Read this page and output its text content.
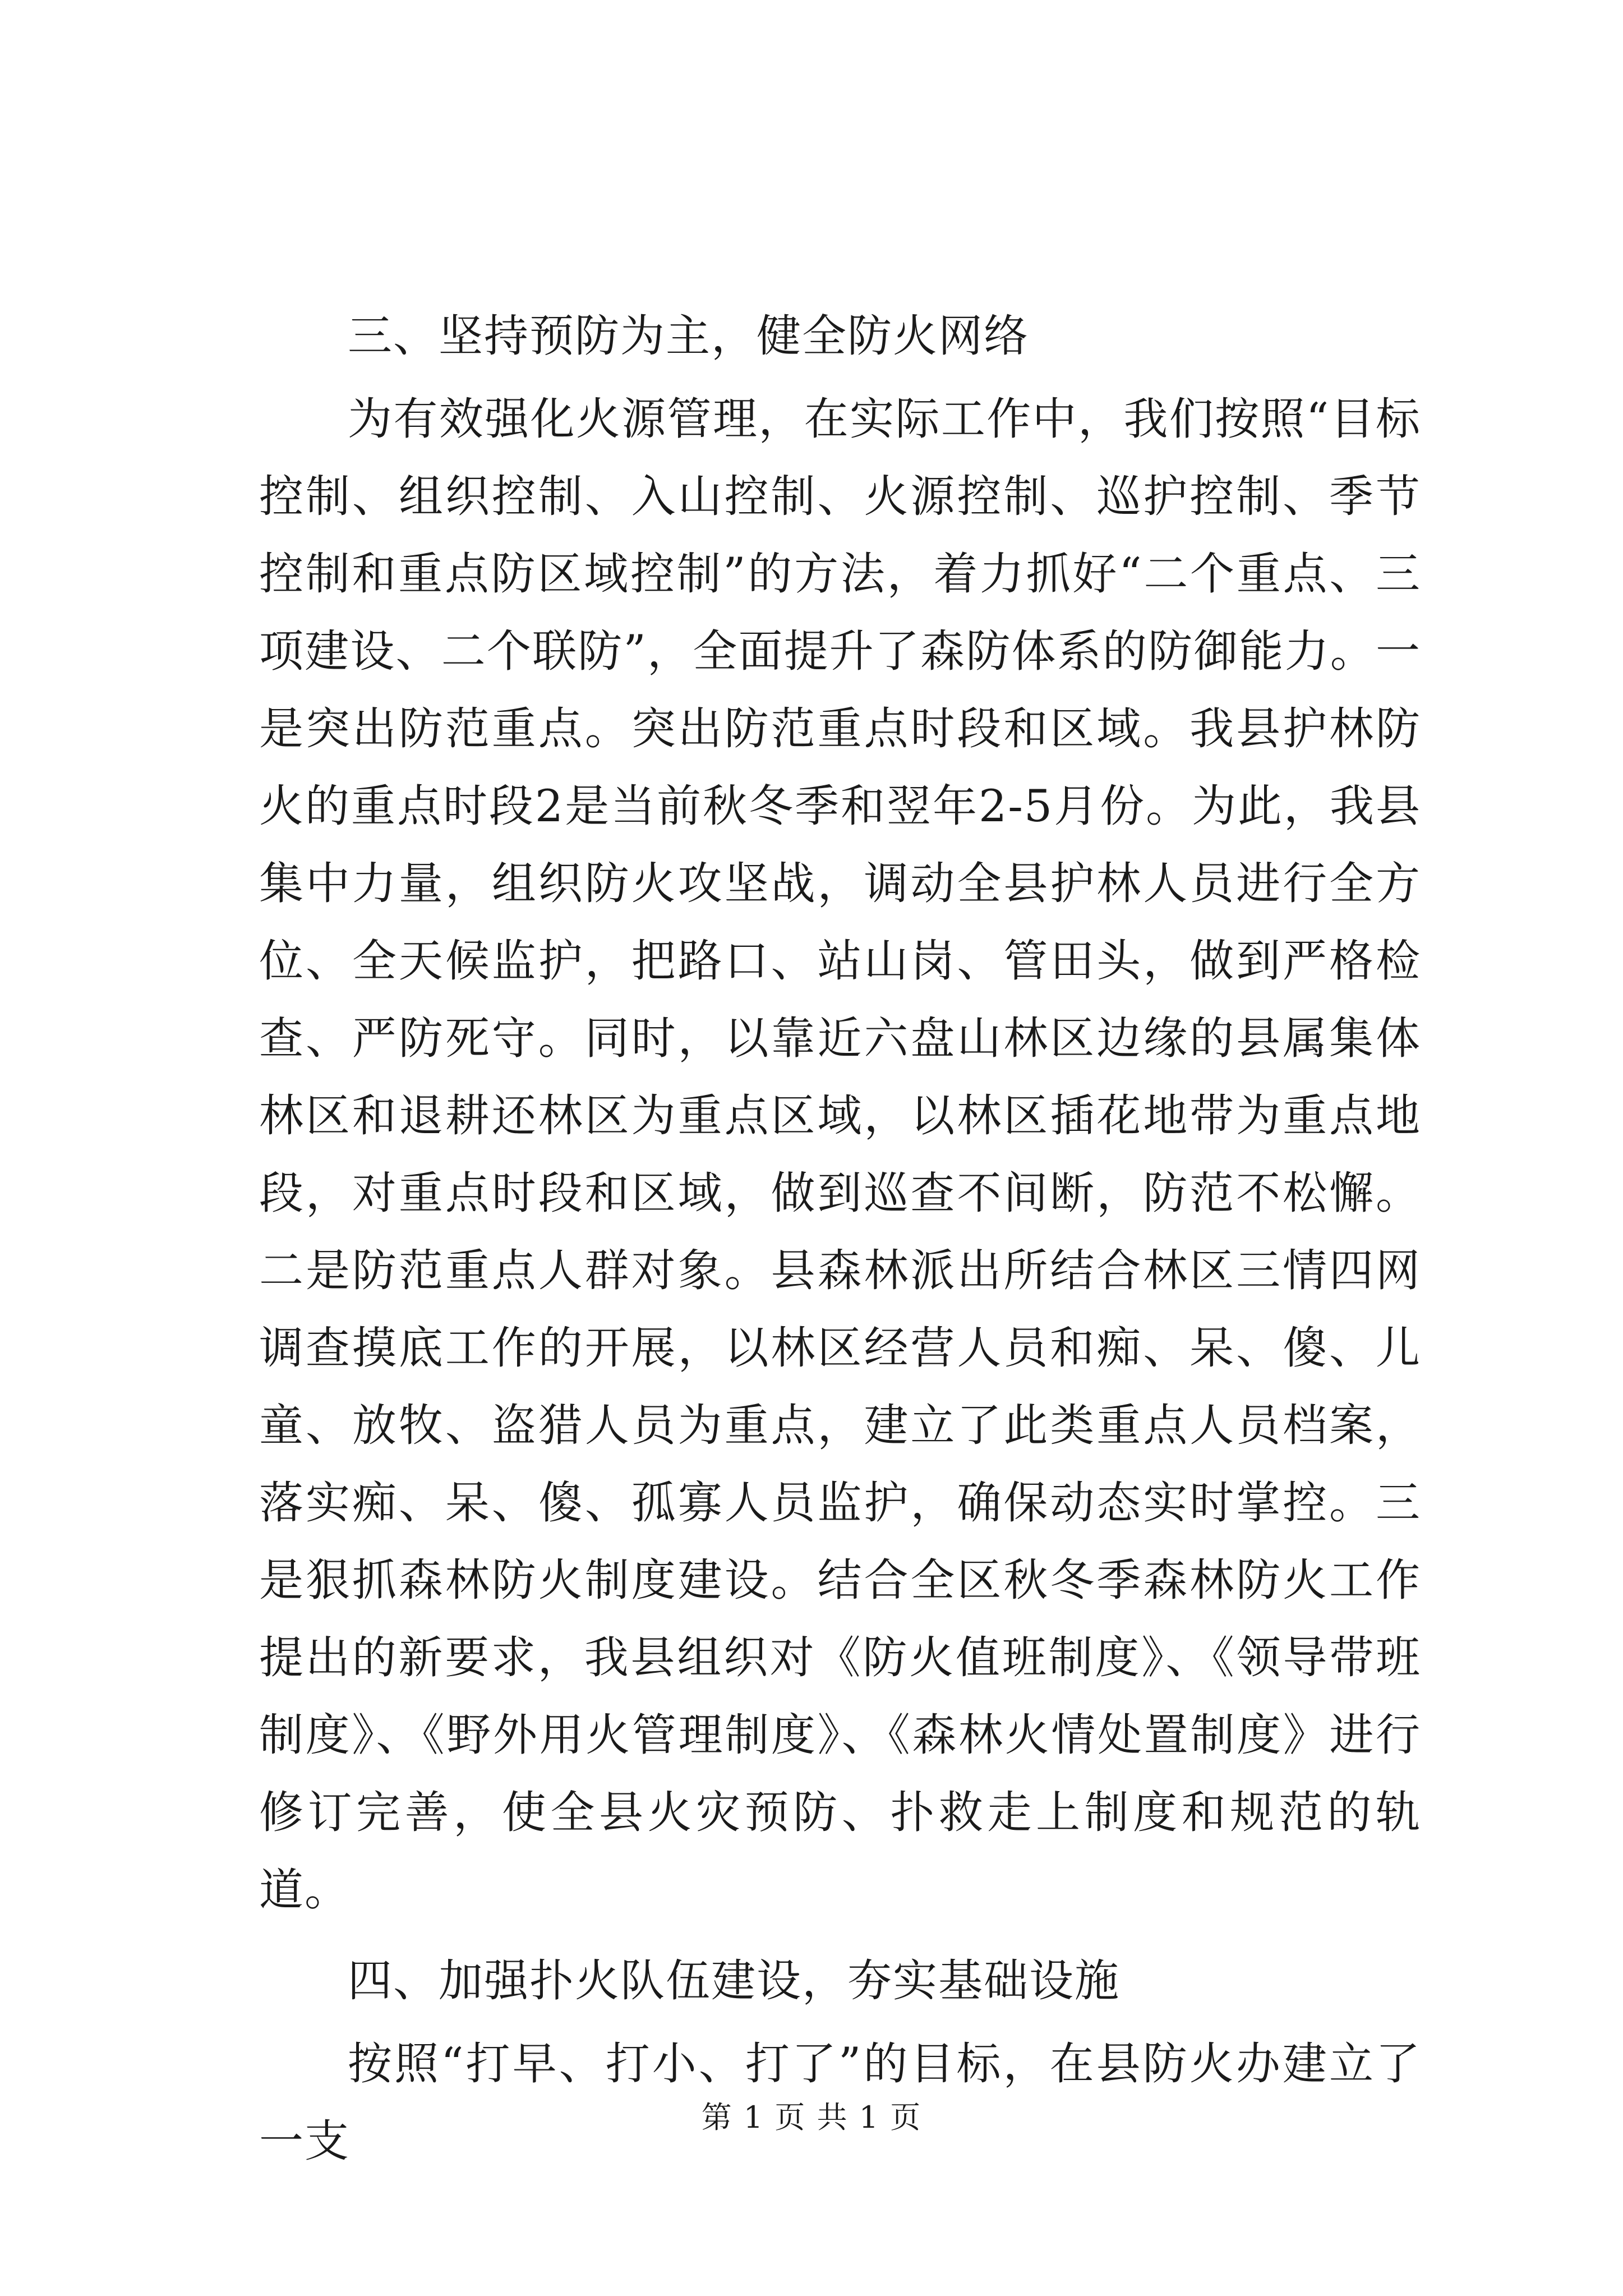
三、坚持预防为主，健全防火网络

为有效强化火源管理，在实际工作中，我们按照“目标控制、组织控制、入山控制、火源控制、巡护控制、季节控制和重点防区域控制”的方法，着力抓好“二个重点、三项建设、二个联防”，全面提升了森防体系的防御能力。一是突出防范重点。突出防范重点时段和区域。我县护林防火的重点时段2是当前秋冬季和翌年2-5月份。为此，我县集中力量，组织防火攻坚战，调动全县护林人员进行全方位、全天候监护，把路口、站山岗、管田头，做到严格检查、严防死守。同时，以靠近六盘山林区边缘的县属集体林区和退耕还林区为重点区域，以林区插花地带为重点地段，对重点时段和区域，做到巡查不间断，防范不松懈。二是防范重点人群对象。县森林派出所结合林区三情四网调查摸底工作的开展，以林区经营人员和痴、呆、傻、儿童、放牧、盗猎人员为重点，建立了此类重点人员档案，落实痴、呆、傻、孤寡人员监护，确保动态实时掌控。三是狠抓森林防火制度建设。结合全区秋冬季森林防火工作提出的新要求，我县组织对《防火值班制度》、《领导带班制度》、《野外用火管理制度》、《森林火情处置制度》进行修订完善，使全县火灾预防、扑救走上制度和规范的轨道。

四、加强扑火队伍建设，夯实基础设施

按照“打早、打小、打了”的目标，在县防火办建立了一支	第 1 页 共 1 页
